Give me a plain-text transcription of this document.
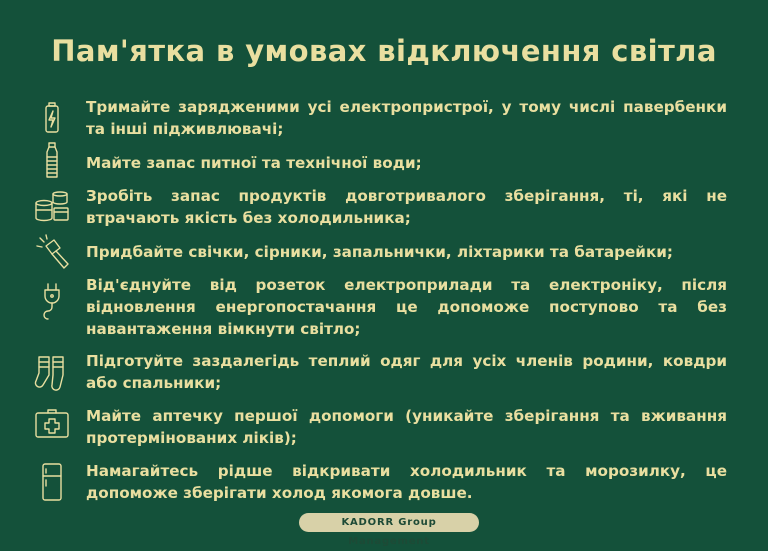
Пам'ятка в умовах відключення світла
Тримайте зарядженими усі електропристрої, у тому числі павербенки та інші підживлювачі;
Майте запас питної та технічної води;
Зробіть запас продуктів довготривалого зберігання, ті, які не втрачають якість без холодильника;
Придбайте свічки, сірники, запальнички, ліхтарики та батарейки;
Від'єднуйте від розеток електроприлади та електроніку, після відновлення енергопостачання це допоможе поступово та без навантаження вімкнути світло;
Підготуйте заздалегідь теплий одяг для усіх членів родини, ковдри або спальники;
Майте аптечку першої допомоги (уникайте зберігання та вживання протермінованих ліків);
Намагайтесь рідше відкривати холодильник та морозилку, це допоможе зберігати холод якомога довше.
KADORR Group Management
